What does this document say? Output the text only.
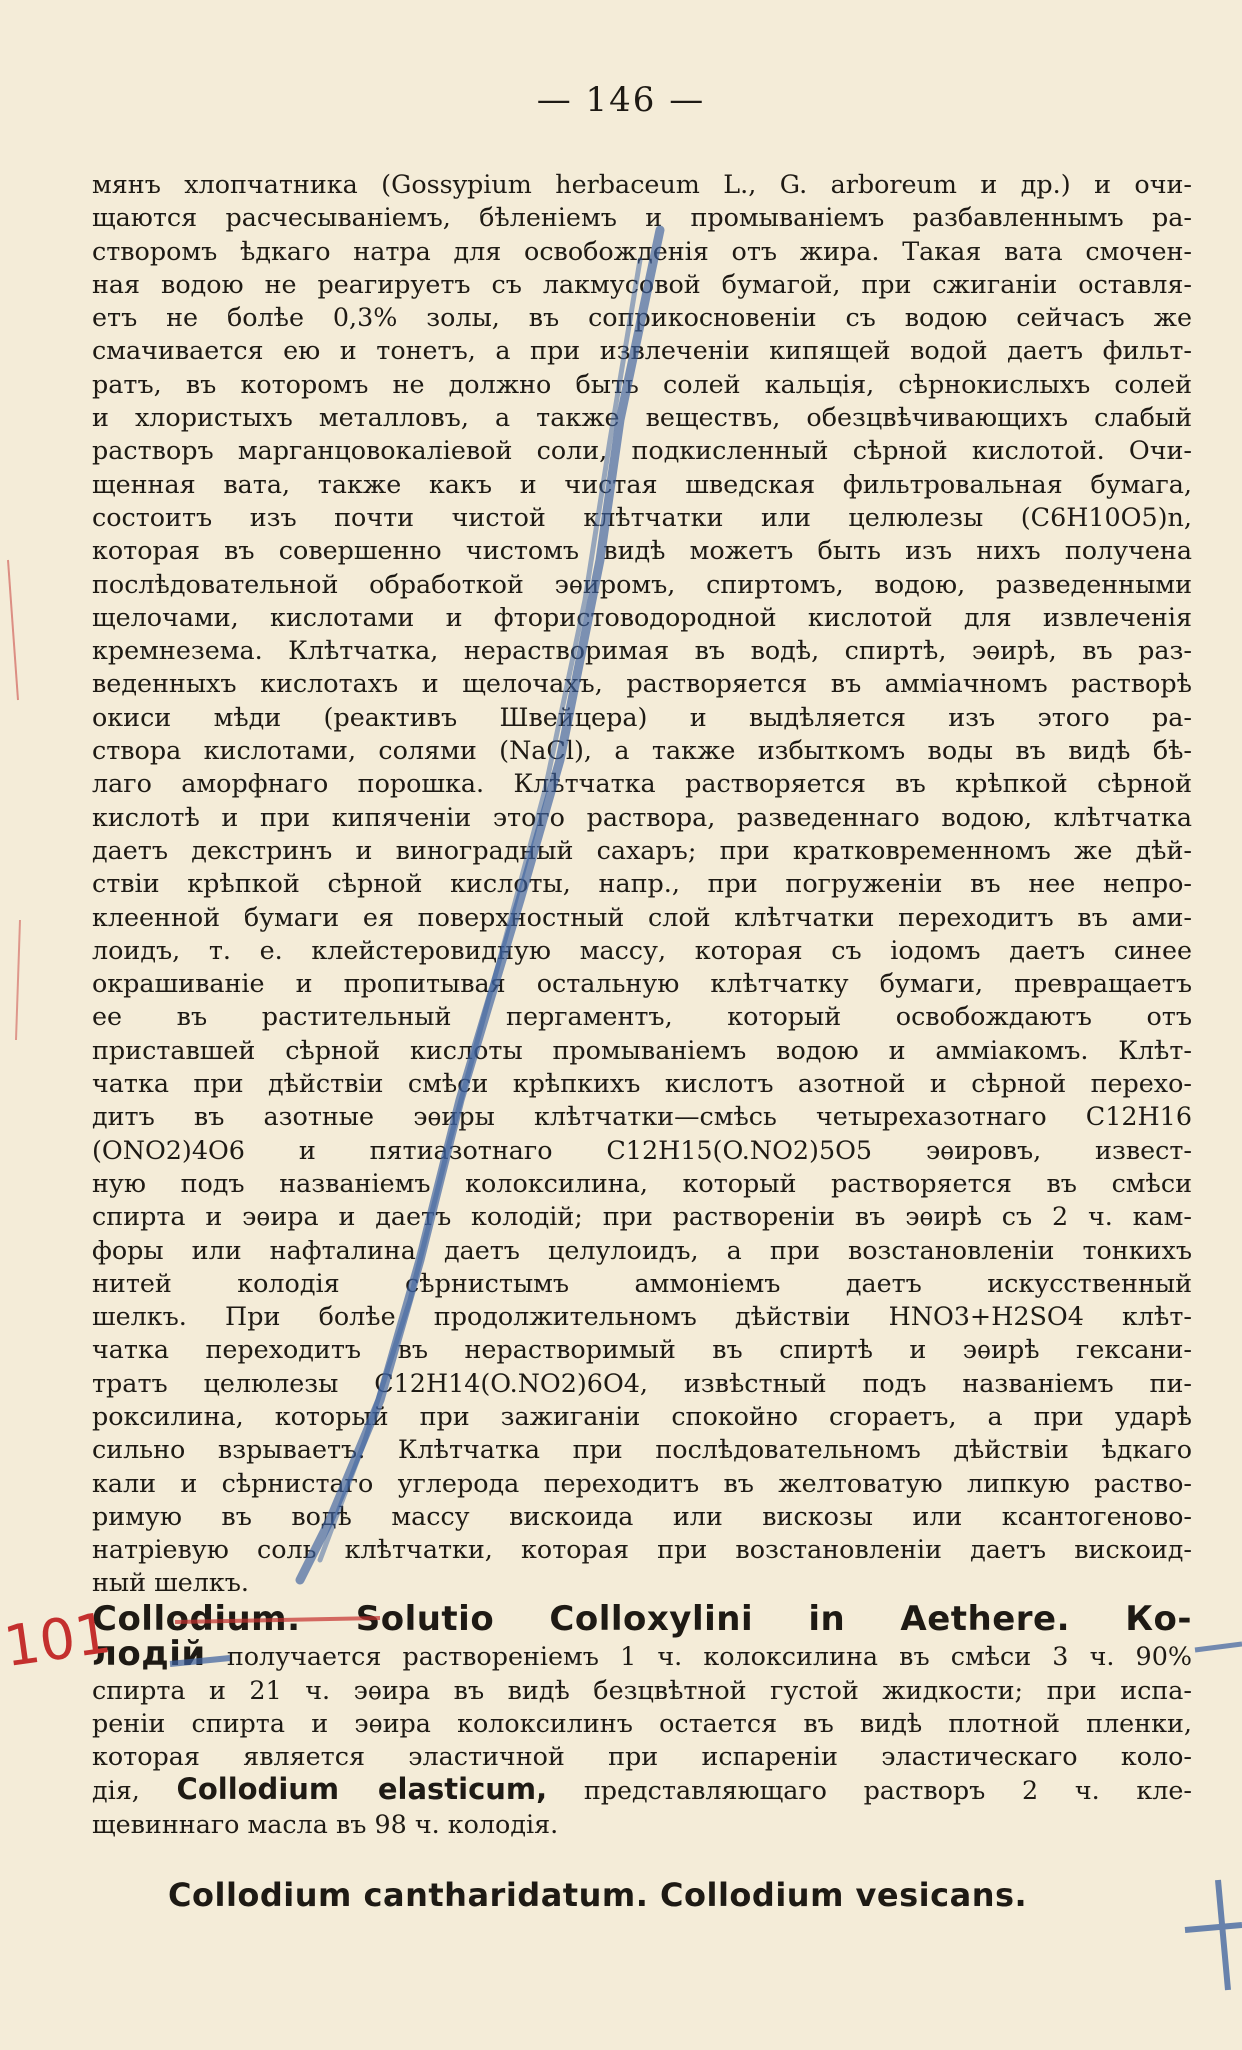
— 146 —

мянъ хлопчатника (Gossypium herbaceum L., G. arboreum и др.) и очи-

щаются расчесываніемъ, бѣленіемъ и промываніемъ разбавленнымъ ра-

створомъ ѣдкаго натра для освобожденія отъ жира. Такая вата смочен-

ная водою не реагируетъ съ лакмусовой бумагой, при сжиганіи оставля-

етъ не болѣе 0,3% золы, въ соприкосновеніи съ водою сейчасъ же

смачивается ею и тонетъ, а при извлеченіи кипящей водой даетъ фильт-

ратъ, въ которомъ не должно быть солей кальція, сѣрнокислыхъ солей

и хлористыхъ металловъ, а также веществъ, обезцвѣчивающихъ слабый

растворъ марганцовокаліевой соли, подкисленный сѣрной кислотой. Очи-

щенная вата, также какъ и чистая шведская фильтровальная бумага,

состоитъ изъ почти чистой клѣтчатки или целюлезы (C6H10O5)n,

которая въ совершенно чистомъ видѣ можетъ быть изъ нихъ получена

послѣдовательной обработкой эѳиромъ, спиртомъ, водою, разведенными

щелочами, кислотами и фтористоводородной кислотой для извлеченія

кремнезема. Клѣтчатка, нерастворимая въ водѣ, спиртѣ, эѳирѣ, въ раз-

веденныхъ кислотахъ и щелочахъ, растворяется въ амміачномъ растворѣ

окиси мѣди (реактивъ Швейцера) и выдѣляется изъ этого ра-

створа кислотами, солями (NaCl), а также избыткомъ воды въ видѣ бѣ-

лаго аморфнаго порошка. Клѣтчатка растворяется въ крѣпкой сѣрной

кислотѣ и при кипяченіи этого раствора, разведеннаго водою, клѣтчатка

даетъ декстринъ и виноградный сахаръ; при кратковременномъ же дѣй-

ствіи крѣпкой сѣрной кислоты, напр., при погруженіи въ нее непро-

клеенной бумаги ея поверхностный слой клѣтчатки переходитъ въ ами-

лоидъ, т. е. клейстеровидную массу, которая съ іодомъ даетъ синее

окрашиваніе и пропитывая остальную клѣтчатку бумаги, превращаетъ

ее въ растительный пергаментъ, который освобождаютъ отъ

приставшей сѣрной кислоты промываніемъ водою и амміакомъ. Клѣт-

чатка при дѣйствіи смѣси крѣпкихъ кислотъ азотной и сѣрной перехо-

дитъ въ азотные эѳиры клѣтчатки—смѣсь четырехазотнаго C12H16

(ONO2)4O6 и пятиазотнаго C12H15(O.NO2)5O5 эѳировъ, извест-

ную подъ названіемъ колоксилина, который растворяется въ смѣси

спирта и эѳира и даетъ колодій; при растворенiи въ эѳирѣ съ 2 ч. кам-

форы или нафталина даетъ целулоидъ, а при возстановленіи тонкихъ

нитей колодія сѣрнистымъ аммоніемъ даетъ искусственный

шелкъ. При болѣе продолжительномъ дѣйствіи HNO3+H2SO4 клѣт-

чатка переходитъ въ нерастворимый въ спиртѣ и эѳирѣ гексани-

тратъ целюлезы C12H14(O.NO2)6O4, извѣстный подъ названіемъ пи-

роксилина, который при зажиганіи спокойно сгораетъ, а при ударѣ

сильно взрываетъ. Клѣтчатка при послѣдовательномъ дѣйствіи ѣдкаго

кали и сѣрнистаго углерода переходитъ въ желтоватую липкую раство-

римую въ водѣ массу вискоида или вискозы или ксантогеново-

натріевую соль клѣтчатки, которая при возстановленіи даетъ вискоид-

ный шелкъ.

Collodium. Solutio Colloxylini in Aethere. Ко-

лодій получается раствореніемъ 1 ч. колоксилина въ смѣси 3 ч. 90%

спирта и 21 ч. эѳира въ видѣ безцвѣтной густой жидкости; при испа-

реніи спирта и эѳира колоксилинъ остается въ видѣ плотной пленки,

которая является эластичной при испареніи эластическаго коло-

дія, Collodium elasticum, представляющаго растворъ 2 ч. кле-

щевиннаго масла въ 98 ч. колодія.

Collodium cantharidatum. Collodium vesicans.
101
